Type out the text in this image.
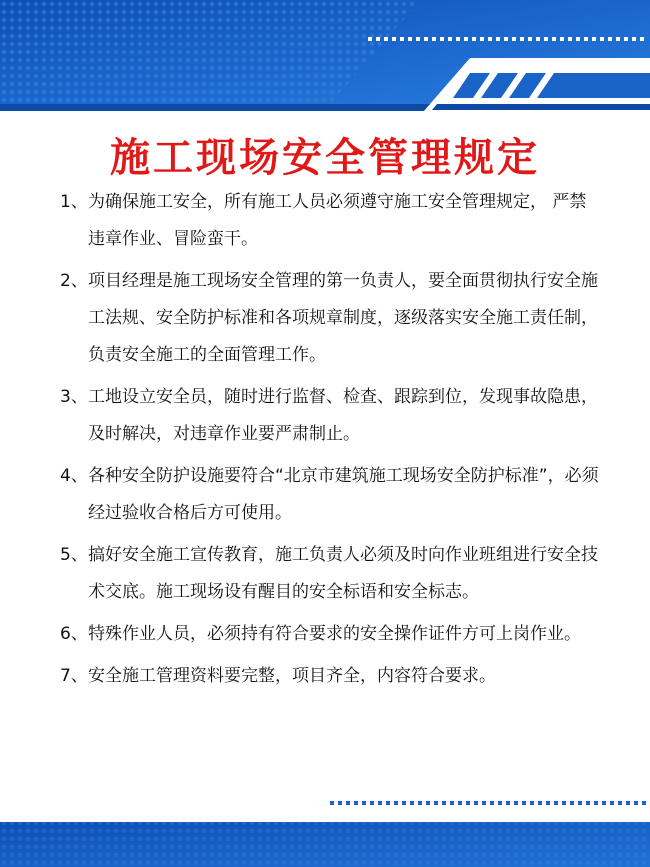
施工现场安全管理规定
1、 为确保施工安全，所有施工人员必须遵守施工安全管理规定， 严禁违章作业、冒险蛮干。
2、 项目经理是施工现场安全管理的第一负责人，要全面贯彻执行安全施工法规、安全防护标准和各项规章制度，逐级落实安全施工责任制，负责安全施工的全面管理工作。
3、 工地设立安全员，随时进行监督、检查、跟踪到位，发现事故隐患，及时解决，对违章作业要严肃制止。
4、 各种安全防护设施要符合“北京市建筑施工现场安全防护标准”，必须经过验收合格后方可使用。
5、 搞好安全施工宣传教育，施工负责人必须及时向作业班组进行安全技术交底。施工现场设有醒目的安全标语和安全标志。
6、 特殊作业人员，必须持有符合要求的安全操作证件方可上岗作业。
7、 安全施工管理资料要完整，项目齐全，内容符合要求。
